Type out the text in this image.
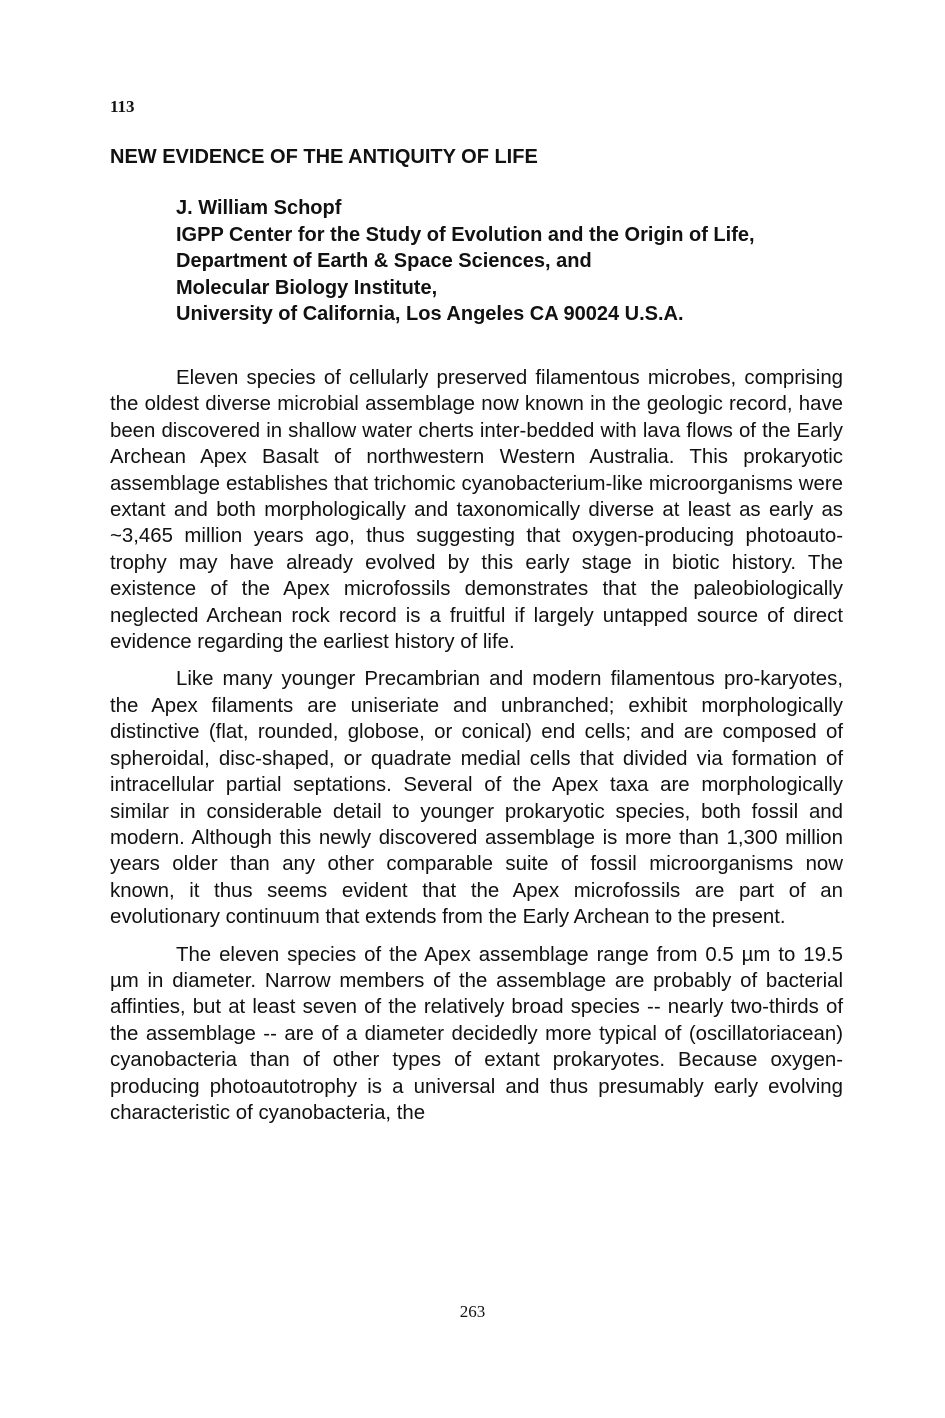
113
NEW EVIDENCE OF THE ANTIQUITY OF LIFE
J. William Schopf
IGPP Center for the Study of Evolution and the Origin of Life,
Department of Earth & Space Sciences, and
Molecular Biology Institute,
University of California, Los Angeles CA 90024 U.S.A.

Eleven species of cellularly preserved filamentous microbes, comprising the oldest diverse microbial assemblage now known in the geologic record, have been discovered in shallow water cherts inter-bedded with lava flows of the Early Archean Apex Basalt of northwestern Western Australia. This prokaryotic assemblage establishes that trichomic cyanobacterium-like microorganisms were extant and both morphologically and taxonomically diverse at least as early as ~3,465 million years ago, thus suggesting that oxygen-producing photoauto-trophy may have already evolved by this early stage in biotic history. The existence of the Apex microfossils demonstrates that the paleobiologically neglected Archean rock record is a fruitful if largely untapped source of direct evidence regarding the earliest history of life.

Like many younger Precambrian and modern filamentous pro-karyotes, the Apex filaments are uniseriate and unbranched; exhibit morphologically distinctive (flat, rounded, globose, or conical) end cells; and are composed of spheroidal, disc-shaped, or quadrate medial cells that divided via formation of intracellular partial septations. Several of the Apex taxa are morphologically similar in considerable detail to younger prokaryotic species, both fossil and modern. Although this newly discovered assemblage is more than 1,300 million years older than any other comparable suite of fossil microorganisms now known, it thus seems evident that the Apex microfossils are part of an evolutionary continuum that extends from the Early Archean to the present.

The eleven species of the Apex assemblage range from 0.5 µm to 19.5 µm in diameter. Narrow members of the assemblage are probably of bacterial affinties, but at least seven of the relatively broad species -- nearly two-thirds of the assemblage -- are of a diameter decidedly more typical of (oscillatoriacean) cyanobacteria than of other types of extant prokaryotes. Because oxygen-producing photoautotrophy is a universal and thus presumably early evolving characteristic of cyanobacteria, the

263
